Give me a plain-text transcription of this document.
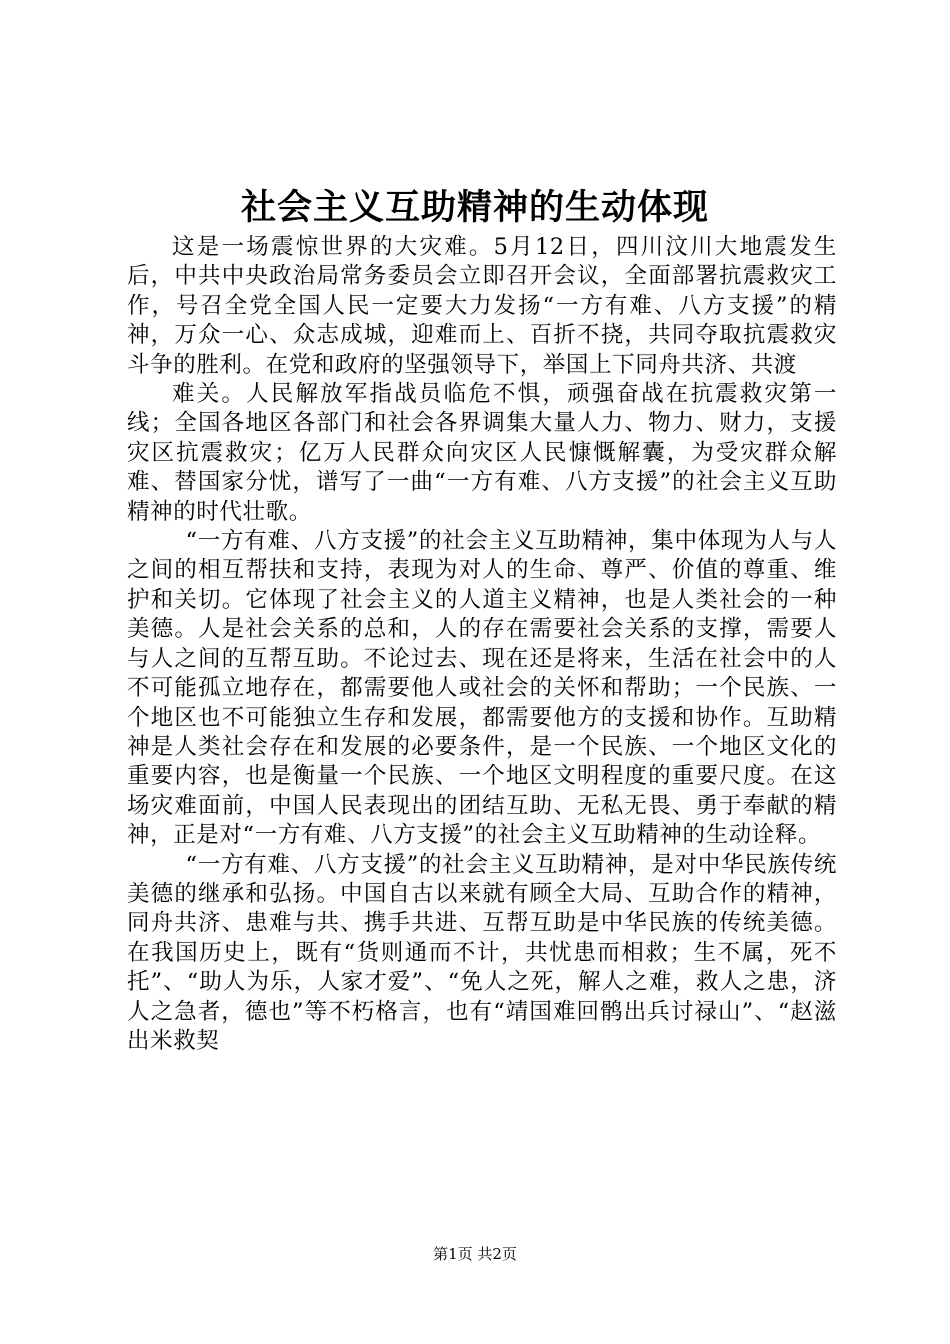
社会主义互助精神的生动体现

这是一场震惊世界的大灾难。5月12日，四川汶川大地震发生后，中共中央政治局常务委员会立即召开会议，全面部署抗震救灾工作，号召全党全国人民一定要大力发扬“一方有难、八方支援”的精神，万众一心、众志成城，迎难而上、百折不挠，共同夺取抗震救灾斗争的胜利。在党和政府的坚强领导下，举国上下同舟共济、共渡

难关。人民解放军指战员临危不惧，顽强奋战在抗震救灾第一线；全国各地区各部门和社会各界调集大量人力、物力、财力，支援灾区抗震救灾；亿万人民群众向灾区人民慷慨解囊，为受灾群众解难、替国家分忧，谱写了一曲“一方有难、八方支援”的社会主义互助精神的时代壮歌。

“一方有难、八方支援”的社会主义互助精神，集中体现为人与人之间的相互帮扶和支持，表现为对人的生命、尊严、价值的尊重、维护和关切。它体现了社会主义的人道主义精神，也是人类社会的一种美德。人是社会关系的总和，人的存在需要社会关系的支撑，需要人与人之间的互帮互助。不论过去、现在还是将来，生活在社会中的人不可能孤立地存在，都需要他人或社会的关怀和帮助；一个民族、一个地区也不可能独立生存和发展，都需要他方的支援和协作。互助精神是人类社会存在和发展的必要条件，是一个民族、一个地区文化的重要内容，也是衡量一个民族、一个地区文明程度的重要尺度。在这场灾难面前，中国人民表现出的团结互助、无私无畏、勇于奉献的精神，正是对“一方有难、八方支援”的社会主义互助精神的生动诠释。

“一方有难、八方支援”的社会主义互助精神，是对中华民族传统美德的继承和弘扬。中国自古以来就有顾全大局、互助合作的精神，同舟共济、患难与共、携手共进、互帮互助是中华民族的传统美德。在我国历史上，既有“货则通而不计，共忧患而相救；生不属，死不托”、“助人为乐，人家才爱”、“免人之死，解人之难，救人之患，济人之急者，德也”等不朽格言，也有“靖国难回鹘出兵讨禄山”、“赵滋出米救契

第1页 共2页
